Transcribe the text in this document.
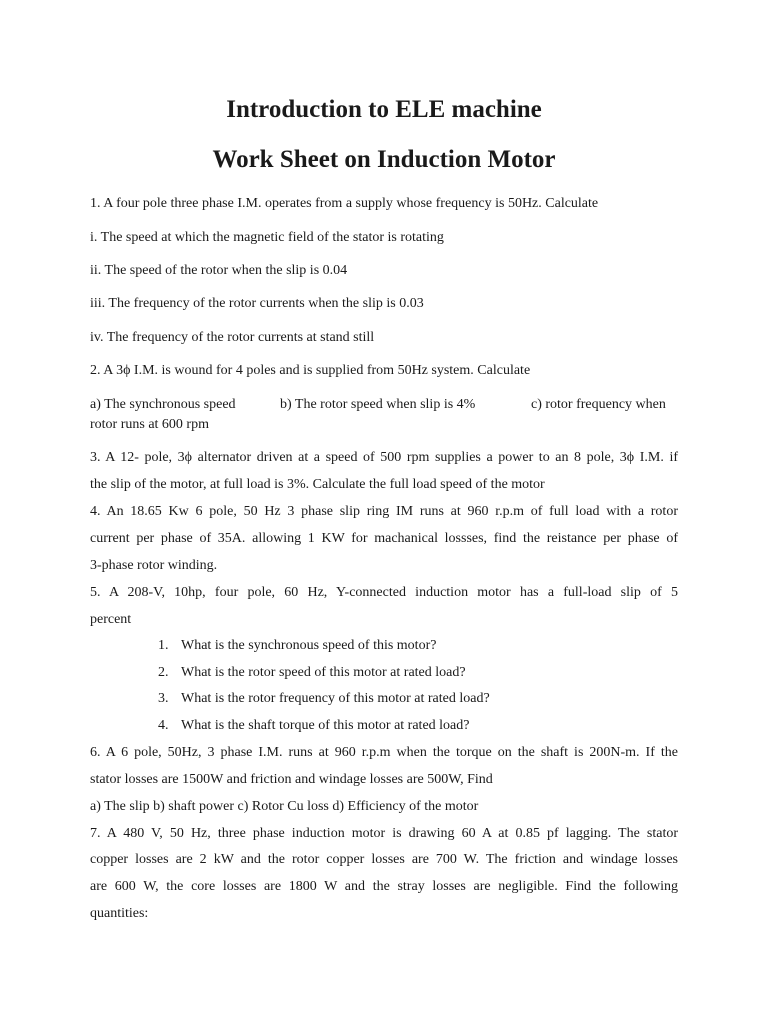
Introduction to ELE machine
Work Sheet on Induction Motor
1. A four pole three phase I.M. operates from a supply whose frequency is 50Hz. Calculate
i. The speed at which the magnetic field of the stator is rotating
ii. The speed of the rotor when the slip is 0.04
iii. The frequency of the rotor currents when the slip is 0.03
iv. The frequency of the rotor currents at stand still
2. A 3ϕ I.M. is wound for 4 poles and is supplied from 50Hz system. Calculate
a) The synchronous speed	b) The rotor speed when slip is 4%	c) rotor frequency when
rotor runs at 600 rpm
3. A 12- pole, 3ϕ alternator driven at a speed of 500 rpm supplies a power to an 8 pole, 3ϕ I.M. if
the slip of the motor, at full load is 3%. Calculate the full load speed of the motor
4. An 18.65 Kw 6 pole, 50 Hz 3 phase slip ring IM runs at 960 r.p.m of full load with a rotor
current per phase of 35A. allowing 1 KW for machanical lossses, find the reistance per phase of
3-phase rotor winding.
5. A 208-V, 10hp, four pole, 60 Hz, Y-connected induction motor has a full-load slip of 5
percent
1. What is the synchronous speed of this motor?
2. What is the rotor speed of this motor at rated load?
3. What is the rotor frequency of this motor at rated load?
4. What is the shaft torque of this motor at rated load?
6. A 6 pole, 50Hz, 3 phase I.M. runs at 960 r.p.m when the torque on the shaft is 200N-m. If the
stator losses are 1500W and friction and windage losses are 500W, Find
a) The slip b) shaft power c) Rotor Cu loss d) Efficiency of the motor
7. A 480 V, 50 Hz, three phase induction motor is drawing 60 A at 0.85 pf lagging. The stator
copper losses are 2 kW and the rotor copper losses are 700 W. The friction and windage losses
are 600 W, the core losses are 1800 W and the stray losses are negligible. Find the following
quantities:
